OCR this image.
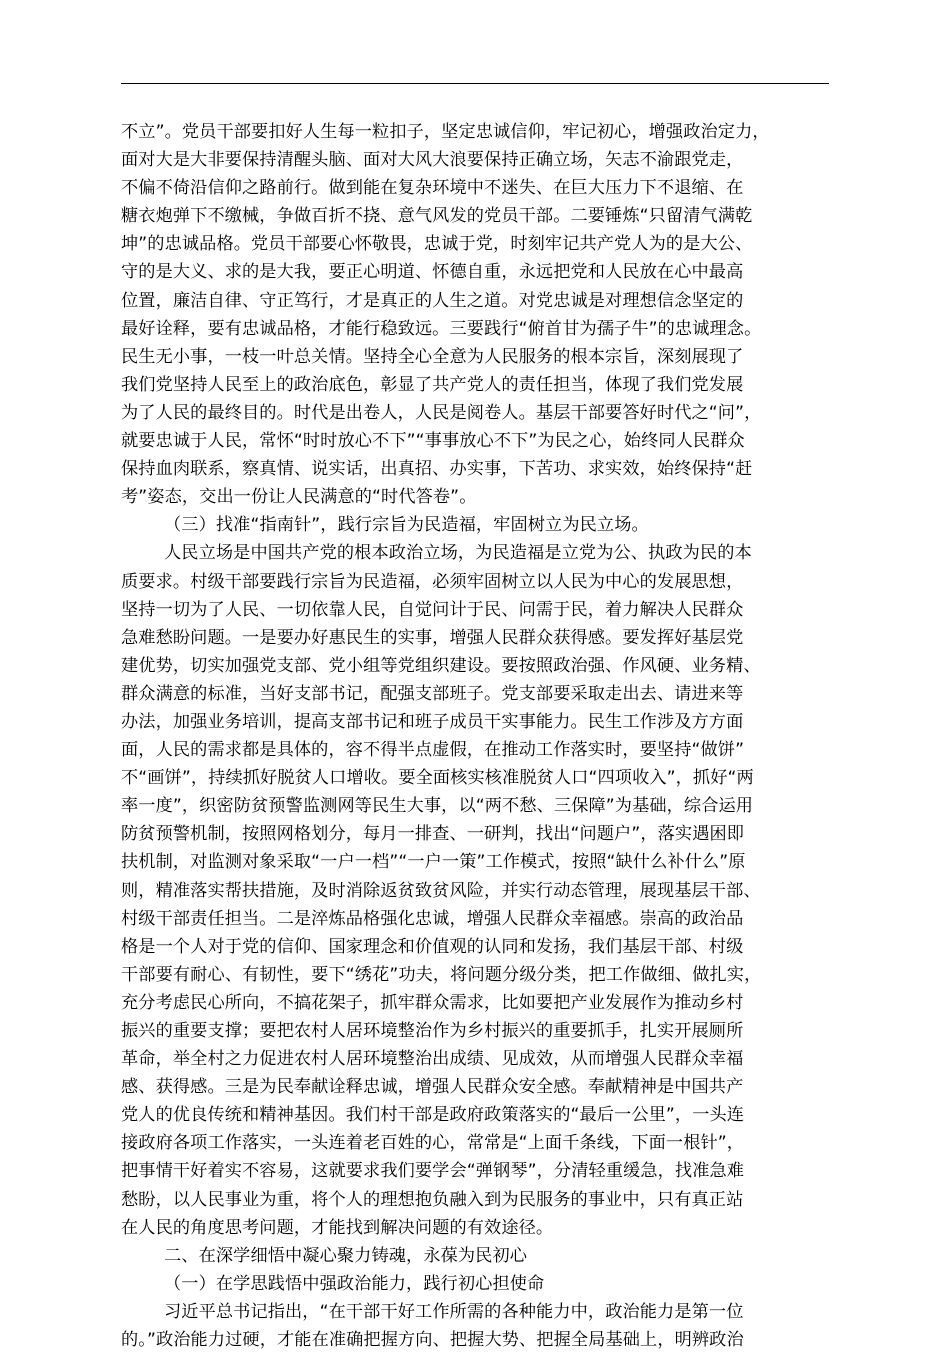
不立”。党员干部要扣好人生每一粒扣子，坚定忠诚信仰，牢记初心，增强政治定力，
面对大是大非要保持清醒头脑、面对大风大浪要保持正确立场，矢志不渝跟党走，
不偏不倚沿信仰之路前行。做到能在复杂环境中不迷失、在巨大压力下不退缩、在
糖衣炮弹下不缴械，争做百折不挠、意气风发的党员干部。二要锤炼“只留清气满乾
坤”的忠诚品格。党员干部要心怀敬畏，忠诚于党，时刻牢记共产党人为的是大公、
守的是大义、求的是大我，要正心明道、怀德自重，永远把党和人民放在心中最高
位置，廉洁自律、守正笃行，才是真正的人生之道。对党忠诚是对理想信念坚定的
最好诠释，要有忠诚品格，才能行稳致远。三要践行“俯首甘为孺子牛”的忠诚理念。
民生无小事，一枝一叶总关情。坚持全心全意为人民服务的根本宗旨，深刻展现了
我们党坚持人民至上的政治底色，彰显了共产党人的责任担当，体现了我们党发展
为了人民的最终目的。时代是出卷人，人民是阅卷人。基层干部要答好时代之“问”，
就要忠诚于人民，常怀“时时放心不下”“事事放心不下”为民之心，始终同人民群众
保持血肉联系，察真情、说实话，出真招、办实事，下苦功、求实效，始终保持“赶
考”姿态，交出一份让人民满意的“时代答卷”。
（三）找准“指南针”，践行宗旨为民造福，牢固树立为民立场。
人民立场是中国共产党的根本政治立场，为民造福是立党为公、执政为民的本
质要求。村级干部要践行宗旨为民造福，必须牢固树立以人民为中心的发展思想，
坚持一切为了人民、一切依靠人民，自觉问计于民、问需于民，着力解决人民群众
急难愁盼问题。一是要办好惠民生的实事，增强人民群众获得感。要发挥好基层党
建优势，切实加强党支部、党小组等党组织建设。要按照政治强、作风硬、业务精、
群众满意的标准，当好支部书记，配强支部班子。党支部要采取走出去、请进来等
办法，加强业务培训，提高支部书记和班子成员干实事能力。民生工作涉及方方面
面，人民的需求都是具体的，容不得半点虚假，在推动工作落实时，要坚持“做饼”
不“画饼”，持续抓好脱贫人口增收。要全面核实核准脱贫人口“四项收入”，抓好“两
率一度”，织密防贫预警监测网等民生大事，以“两不愁、三保障”为基础，综合运用
防贫预警机制，按照网格划分，每月一排查、一研判，找出“问题户”，落实遇困即
扶机制，对监测对象采取“一户一档”“一户一策”工作模式，按照“缺什么补什么”原
则，精准落实帮扶措施，及时消除返贫致贫风险，并实行动态管理，展现基层干部、
村级干部责任担当。二是淬炼品格强化忠诚，增强人民群众幸福感。崇高的政治品
格是一个人对于党的信仰、国家理念和价值观的认同和发扬，我们基层干部、村级
干部要有耐心、有韧性，要下“绣花”功夫，将问题分级分类，把工作做细、做扎实，
充分考虑民心所向，不搞花架子，抓牢群众需求，比如要把产业发展作为推动乡村
振兴的重要支撑；要把农村人居环境整治作为乡村振兴的重要抓手，扎实开展厕所
革命，举全村之力促进农村人居环境整治出成绩、见成效，从而增强人民群众幸福
感、获得感。三是为民奉献诠释忠诚，增强人民群众安全感。奉献精神是中国共产
党人的优良传统和精神基因。我们村干部是政府政策落实的“最后一公里”，一头连
接政府各项工作落实，一头连着老百姓的心，常常是“上面千条线，下面一根针”，
把事情干好着实不容易，这就要求我们要学会“弹钢琴”，分清轻重缓急，找准急难
愁盼，以人民事业为重，将个人的理想抱负融入到为民服务的事业中，只有真正站
在人民的角度思考问题，才能找到解决问题的有效途径。
二、在深学细悟中凝心聚力铸魂，永葆为民初心
（一）在学思践悟中强政治能力，践行初心担使命
习近平总书记指出，“在干部干好工作所需的各种能力中，政治能力是第一位
的。”政治能力过硬，才能在准确把握方向、把握大势、把握全局基础上，明辨政治
